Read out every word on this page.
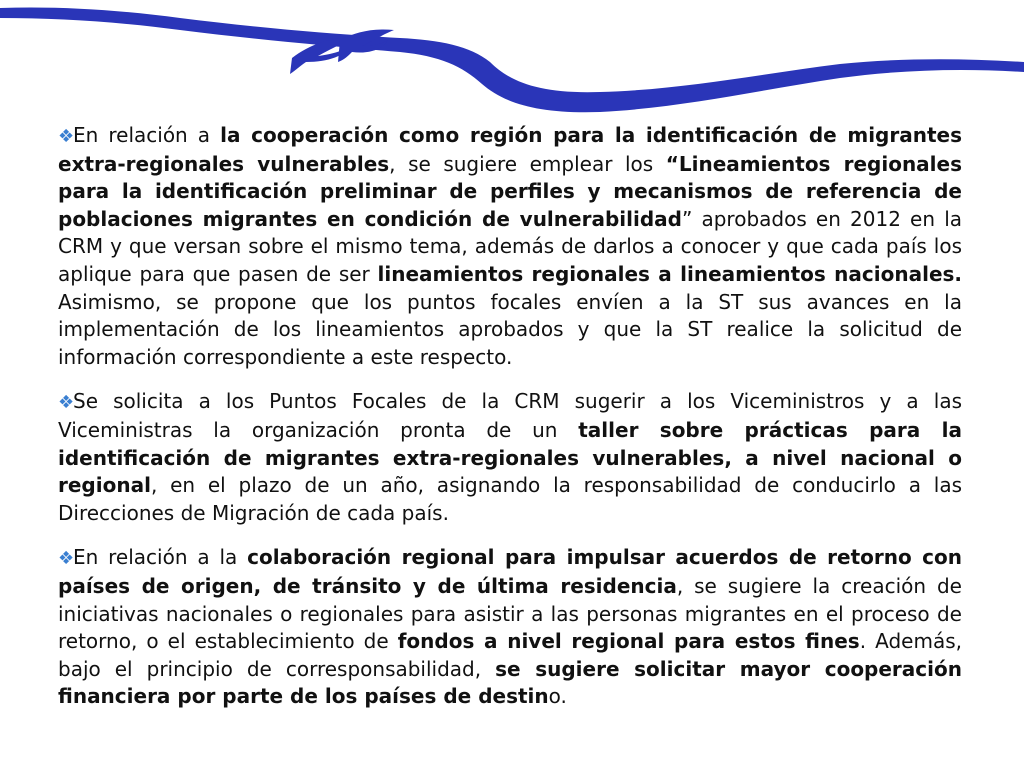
❖En relación a la cooperación como región para la identificación de migrantes extra-regionales vulnerables, se sugiere emplear los “Lineamientos regionales para la identificación preliminar de perfiles y mecanismos de referencia de poblaciones migrantes en condición de vulnerabilidad” aprobados en 2012 en la CRM y que versan sobre el mismo tema, además de darlos a conocer y que cada país los aplique para que pasen de ser lineamientos regionales a lineamientos nacionales. Asimismo, se propone que los puntos focales envíen a la ST sus avances en la implementación de los lineamientos aprobados y que la ST realice la solicitud de información correspondiente a este respecto.

❖Se solicita a los Puntos Focales de la CRM sugerir a los Viceministros y a las Viceministras la organización pronta de un taller sobre prácticas para la identificación de migrantes extra-regionales vulnerables, a nivel nacional o regional, en el plazo de un año, asignando la responsabilidad de conducirlo a las Direcciones de Migración de cada país.

❖En relación a la colaboración regional para impulsar acuerdos de retorno con países de origen, de tránsito y de última residencia, se sugiere la creación de iniciativas nacionales o regionales para asistir a las personas migrantes en el proceso de retorno, o el establecimiento de fondos a nivel regional para estos fines. Además, bajo el principio de corresponsabilidad, se sugiere solicitar mayor cooperación financiera por parte de los países de destino.
